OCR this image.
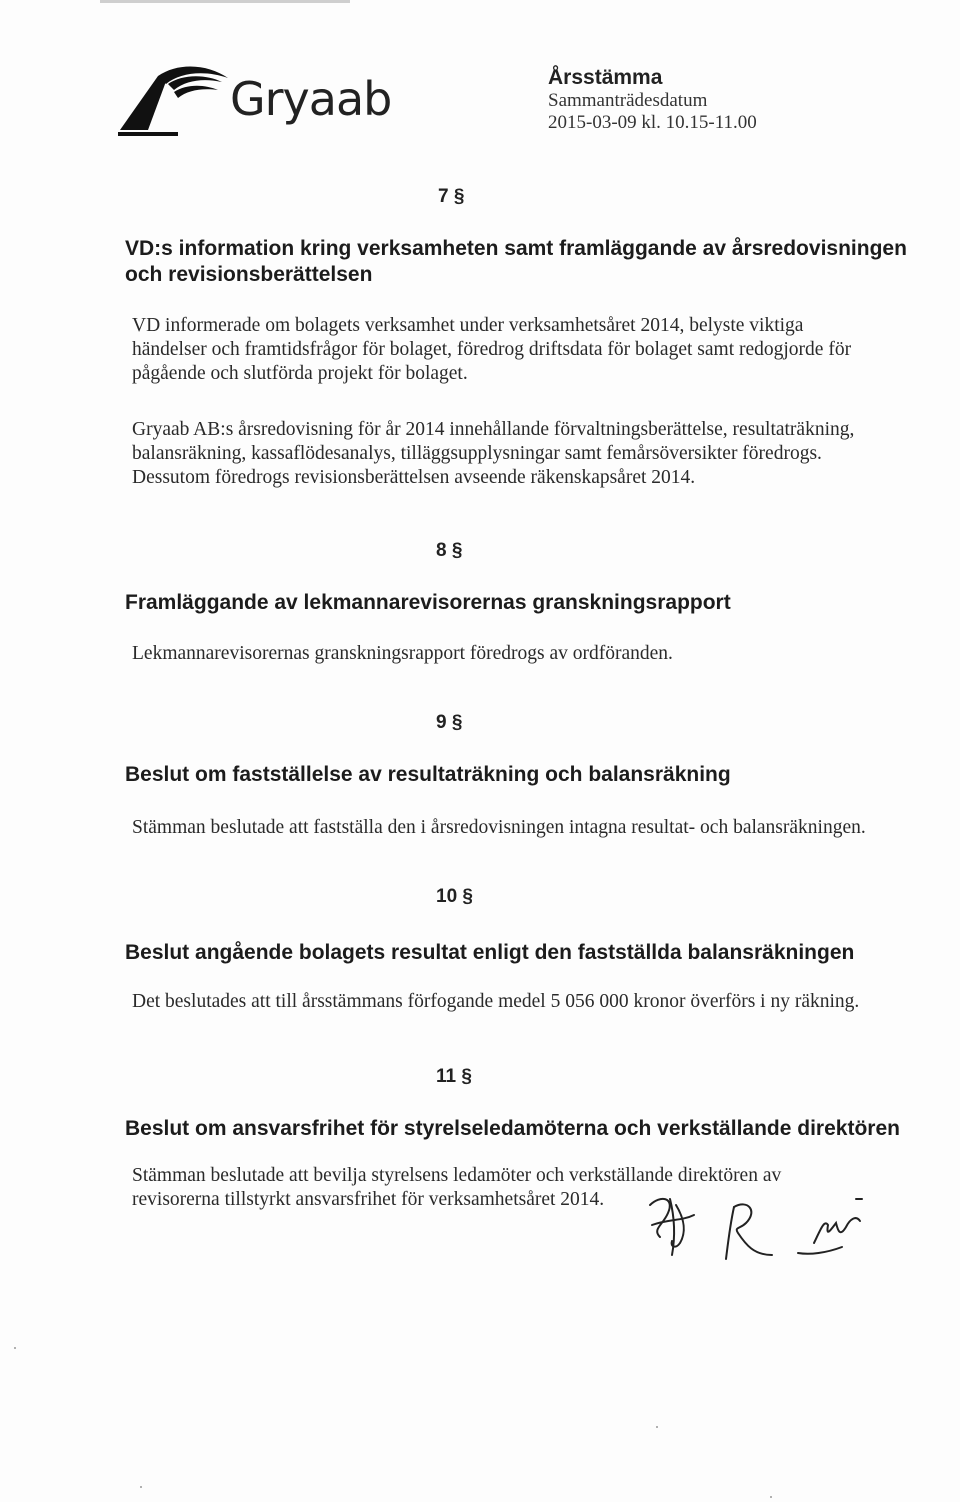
Gryaab	Årsstämma
Sammanträdesdatum
2015-03-09 kl. 10.15-11.00
7 §
VD:s information kring verksamheten samt framläggande av årsredovisningen
och revisionsberättelsen
VD informerade om bolagets verksamhet under verksamhetsåret 2014, belyste viktiga
händelser och framtidsfrågor för bolaget, föredrog driftsdata för bolaget samt redogjorde för
pågående och slutförda projekt för bolaget.
Gryaab AB:s årsredovisning för år 2014 innehållande förvaltningsberättelse, resultaträkning,
balansräkning, kassaflödesanalys, tilläggsupplysningar samt femårsöversikter föredrogs.
Dessutom föredrogs revisionsberättelsen avseende räkenskapsåret 2014.
8 §
Framläggande av lekmannarevisorernas granskningsrapport
Lekmannarevisorernas granskningsrapport föredrogs av ordföranden.
9 §
Beslut om fastställelse av resultaträkning och balansräkning
Stämman beslutade att fastställa den i årsredovisningen intagna resultat- och balansräkningen.
10 §
Beslut angående bolagets resultat enligt den fastställda balansräkningen
Det beslutades att till årsstämmans förfogande medel 5 056 000 kronor överförs i ny räkning.
11 §
Beslut om ansvarsfrihet för styrelseledamöterna och verkställande direktören
Stämman beslutade att bevilja styrelsens ledamöter och verkställande direktören av
revisorerna tillstyrkt ansvarsfrihet för verksamhetsåret 2014.
